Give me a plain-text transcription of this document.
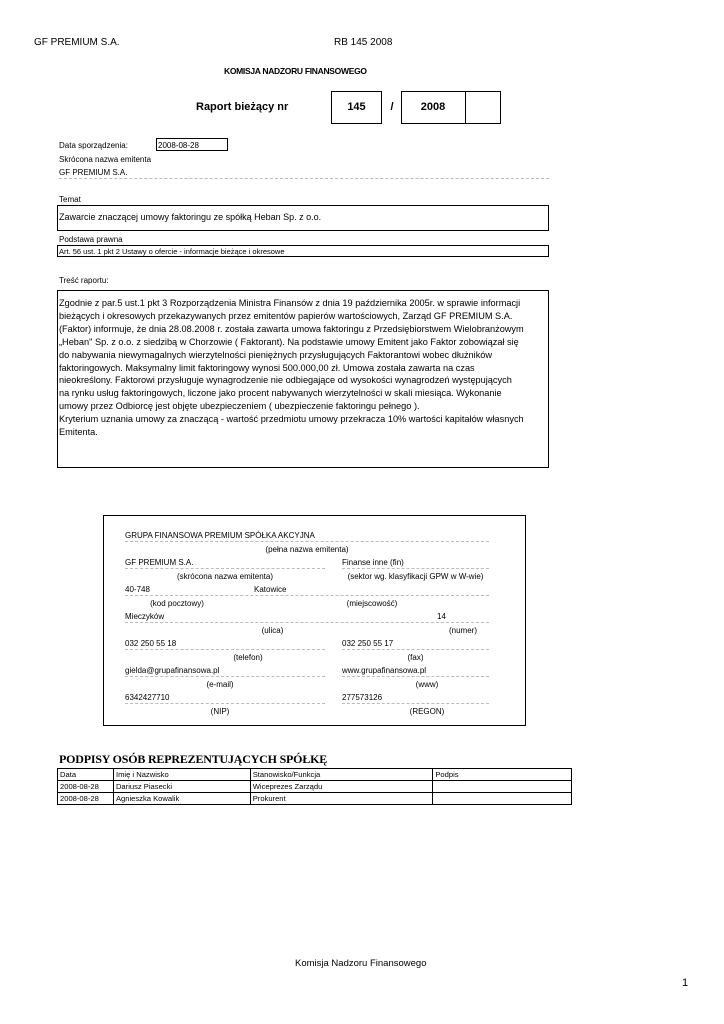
GF PREMIUM S.A.	RB 145 2008
KOMISJA NADZORU FINANSOWEGO
Raport bieżący nr	145	/	2008
Data sporządzenia:	2008-08-28
Skrócona nazwa emitenta
GF PREMIUM S.A.
Temat
Zawarcie znaczącej umowy faktoringu ze spółką Heban Sp. z o.o.
Podstawa prawna
Art. 56 ust. 1 pkt 2 Ustawy o ofercie - informacje bieżące i okresowe
Treść raportu:
Zgodnie z par.5 ust.1 pkt 3 Rozporządzenia Ministra Finansów z dnia 19 października 2005r. w sprawie informacji
bieżących i okresowych przekazywanych przez emitentów papierów wartościowych, Zarząd GF PREMIUM S.A.
(Faktor) informuje, że dnia 28.08.2008 r. została zawarta umowa faktoringu z Przedsiębiorstwem Wielobranżowym
„Heban" Sp. z o.o. z siedzibą w Chorzowie ( Faktorant). Na podstawie umowy Emitent jako Faktor zobowiązał się
do nabywania niewymagalnych wierzytelności pieniężnych przysługujących Faktorantowi wobec dłużników
faktoringowych. Maksymalny limit faktoringowy wynosi 500.000,00 zł. Umowa została zawarta na czas
nieokreślony. Faktorowi przysługuje wynagrodzenie nie odbiegające od wysokości wynagrodzeń występujących
na rynku usług faktoringowych, liczone jako procent nabywanych wierzytelności w skali miesiąca. Wykonanie
umowy przez Odbiorcę jest objęte ubezpieczeniem ( ubezpieczenie faktoringu pełnego ).
Kryterium uznania umowy za znaczącą - wartość przedmiotu umowy przekracza 10% wartości kapitałów własnych
Emitenta.
GRUPA FINANSOWA PREMIUM SPÓŁKA AKCYJNA
(pełna nazwa emitenta)
GF PREMIUM S.A.	Finanse inne (fin)
(skrócona nazwa emitenta)	(sektor wg. klasyfikacji GPW w W-wie)
40-748	Katowice
(kod pocztowy)	(miejscowość)
Mieczyków	14
(ulica)	(numer)
032 250 55 18	032 250 55 17
(telefon)	(fax)
gielda@grupafinansowa.pl	www.grupafinansowa.pl
(e-mail)	(www)
6342427710	277573126
(NIP)	(REGON)
PODPISY OSÓB REPREZENTUJĄCYCH SPÓŁKĘ
Data	Imię i Nazwisko	Stanowisko/Funkcja	Podpis
2008-08-28	Dariusz Piasecki	Wiceprezes Zarządu	
2008-08-28	Agnieszka Kowalik	Prokurent	
Komisja Nadzoru Finansowego
1
